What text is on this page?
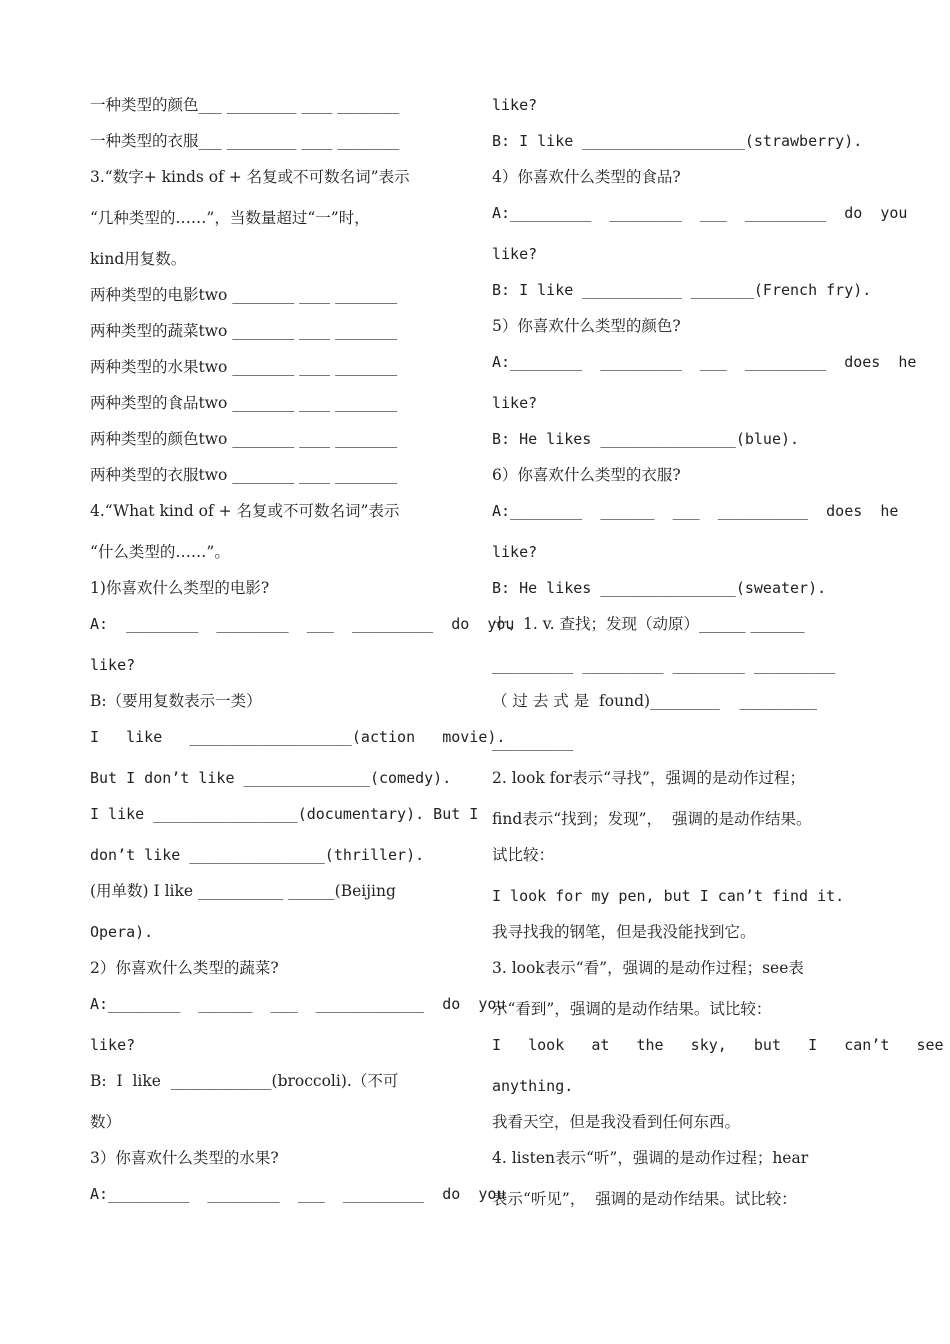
一种类型的颜色___ _________ ____ ________

一种类型的衣服___ _________ ____ ________

3.“数字+ kinds of + 名复或不可数名词”表示

“几种类型的……”，当数量超过“一”时，

kind用复数。

两种类型的电影two ________ ____ ________

两种类型的蔬菜two ________ ____ ________

两种类型的水果two ________ ____ ________

两种类型的食品two ________ ____ ________

两种类型的颜色two ________ ____ ________

两种类型的衣服two ________ ____ ________

4.“What kind of + 名复或不可数名词”表示

“什么类型的……”。

1)你喜欢什么类型的电影?

A:  ________  ________  ___  _________  do  you

like?

B:（要用复数表示一类）

I   like   __________________(action   movie).

But I don’t like ______________(comedy).

I like ________________(documentary). But I

don’t like _______________(thriller).

(用单数) I like ___________ ______(Beijing

Opera).

2）你喜欢什么类型的蔬菜?

A:________  ______  ___  ____________  do  you

like?

B:  I  like  _____________(broccoli).（不可

数）

3）你喜欢什么类型的水果?

A:_________  ________  ___  _________  do  you

like?

B: I like __________________(strawberry).

4）你喜欢什么类型的食品?

A:_________  ________  ___  _________  do  you

like?

B: I like ___________ _______(French fry).

5）你喜欢什么类型的颜色?

A:________  _________  ___  _________  does  he

like?

B: He likes _______________(blue).

6）你喜欢什么类型的衣服?

A:________  ______  ___  __________  does  he

like?

B: He likes _______________(sweater).

十、1. v. 查找；发现（动原）______ _______

_________ _________ ________ _________

（ 过 去 式 是  found)_________    __________

_________

2. look for表示“寻找”，强调的是动作过程；

find表示“找到；发现”，  强调的是动作结果。

试比较：

I look for my pen, but I can’t find it.

我寻找我的钢笔，但是我没能找到它。

3. look表示“看”，强调的是动作过程；see表

示“看到”，强调的是动作结果。试比较：

I   look   at   the   sky,   but   I   can’t   see

anything.

我看天空，但是我没看到任何东西。

4. listen表示“听”，强调的是动作过程；hear

表示“听见”，  强调的是动作结果。试比较：
